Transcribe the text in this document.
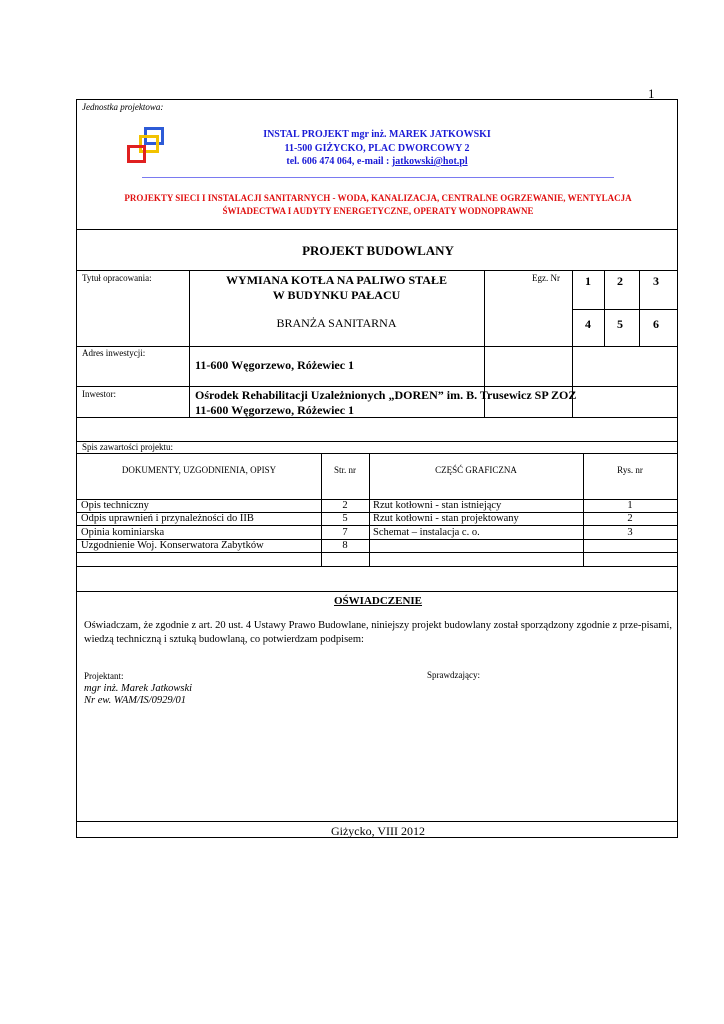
1
Jednostka projektowa:
INSTAL PROJEKT mgr inż. MAREK JATKOWSKI
11-500 GIŻYCKO, PLAC DWORCOWY 2
tel. 606 474 064, e-mail : jatkowski@hot.pl
PROJEKTY SIECI I INSTALACJI SANITARNYCH - WODA, KANALIZACJA, CENTRALNE OGRZEWANIE, WENTYLACJA
ŚWIADECTWA I AUDYTY ENERGETYCZNE, OPERATY WODNOPRAWNE
PROJEKT BUDOWLANY
Tytuł opracowania:	WYMIANA KOTŁA NA PALIWO STAŁE
W BUDYNKU PAŁACU
BRANŻA SANITARNA
Egz. Nr	1	2	3
4	5	6
Adres inwestycji:
11-600 Węgorzewo, Różewiec 1
Inwestor:	Ośrodek Rehabilitacji Uzależnionych „DOREN” im. B. Trusewicz SP ZOZ
11-600 Węgorzewo, Różewiec 1
Spis zawartości projektu:
DOKUMENTY, UZGODNIENIA, OPISY	Str. nr	CZĘŚĆ GRAFICZNA	Rys. nr
Opis techniczny	2	Rzut kotłowni - stan istniejący	1
Odpis uprawnień i przynależności do IIB	5	Rzut kotłowni - stan projektowany	2
Opinia kominiarska	7	Schemat – instalacja c. o.	3
Uzgodnienie Woj. Konserwatora Zabytków	8
OŚWIADCZENIE
Oświadczam, że zgodnie z art. 20 ust. 4 Ustawy Prawo Budowlane, niniejszy projekt budowlany został sporządzony zgodnie z prze-pisami, wiedzą techniczną i sztuką budowlaną, co potwierdzam podpisem:
Projektant:
mgr inż. Marek Jatkowski
Nr ew. WAM/IS/0929/01
Sprawdzający:
Giżycko, VIII 2012
